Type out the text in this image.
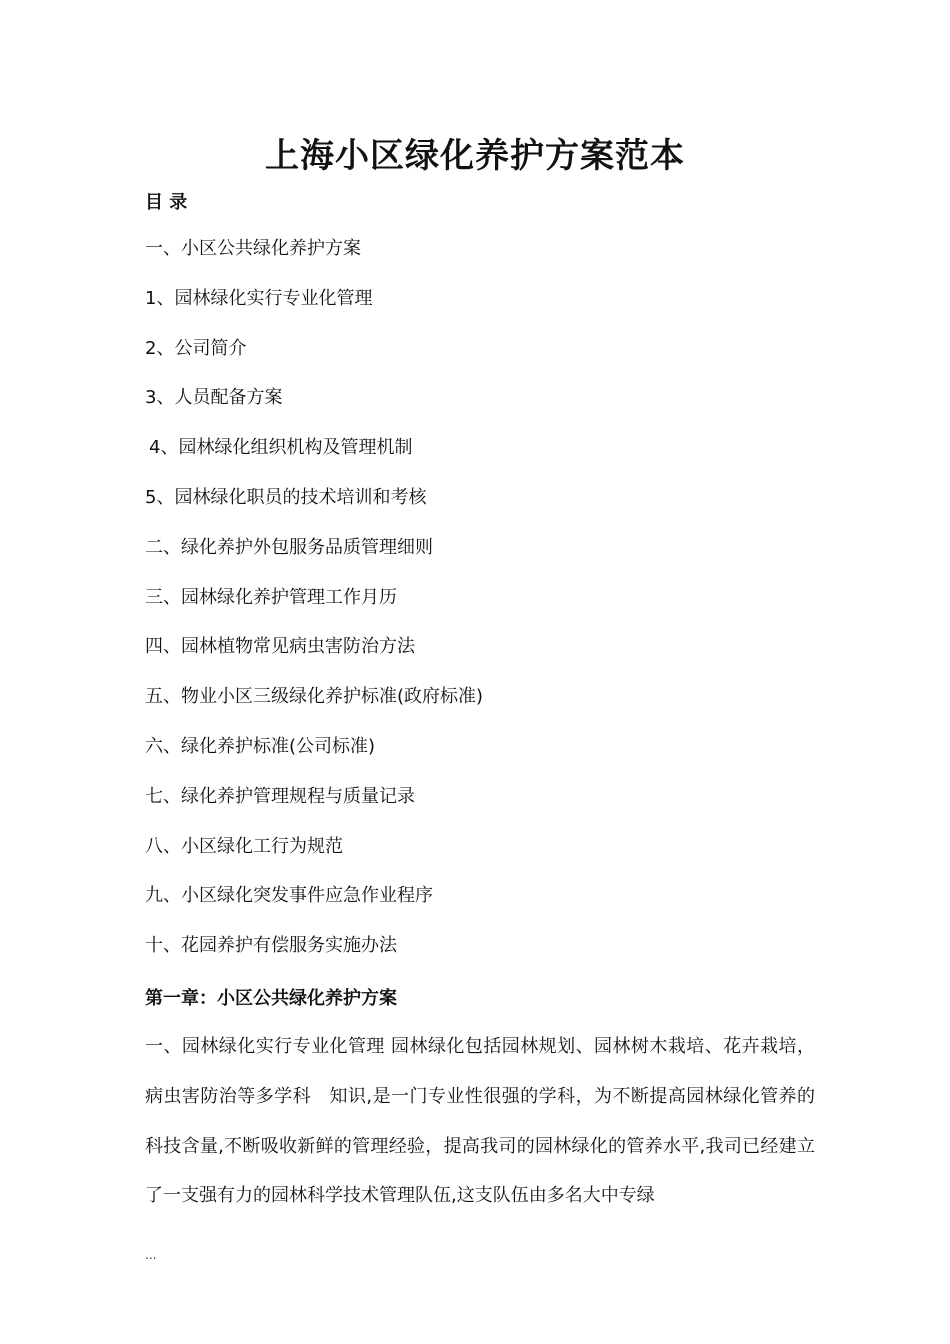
上海小区绿化养护方案范本
目 录
一、小区公共绿化养护方案
1、园林绿化实行专业化管理
2、公司简介
3、人员配备方案
4、园林绿化组织机构及管理机制
5、园林绿化职员的技术培训和考核
二、绿化养护外包服务品质管理细则
三、园林绿化养护管理工作月历
四、园林植物常见病虫害防治方法
五、物业小区三级绿化养护标准(政府标准)
六、绿化养护标准(公司标准)
七、绿化养护管理规程与质量记录
八、小区绿化工行为规范
九、小区绿化突发事件应急作业程序
十、花园养护有偿服务实施办法
第一章：小区公共绿化养护方案

一、园林绿化实行专业化管理 园林绿化包括园林规划、园林树木栽培、花卉栽培，病虫害防治等多学科　知识,是一门专业性很强的学科，为不断提高园林绿化管养的科技含量,不断吸收新鲜的管理经验，提高我司的园林绿化的管养水平,我司已经建立了一支强有力的园林科学技术管理队伍,这支队伍由多名大中专绿

...
